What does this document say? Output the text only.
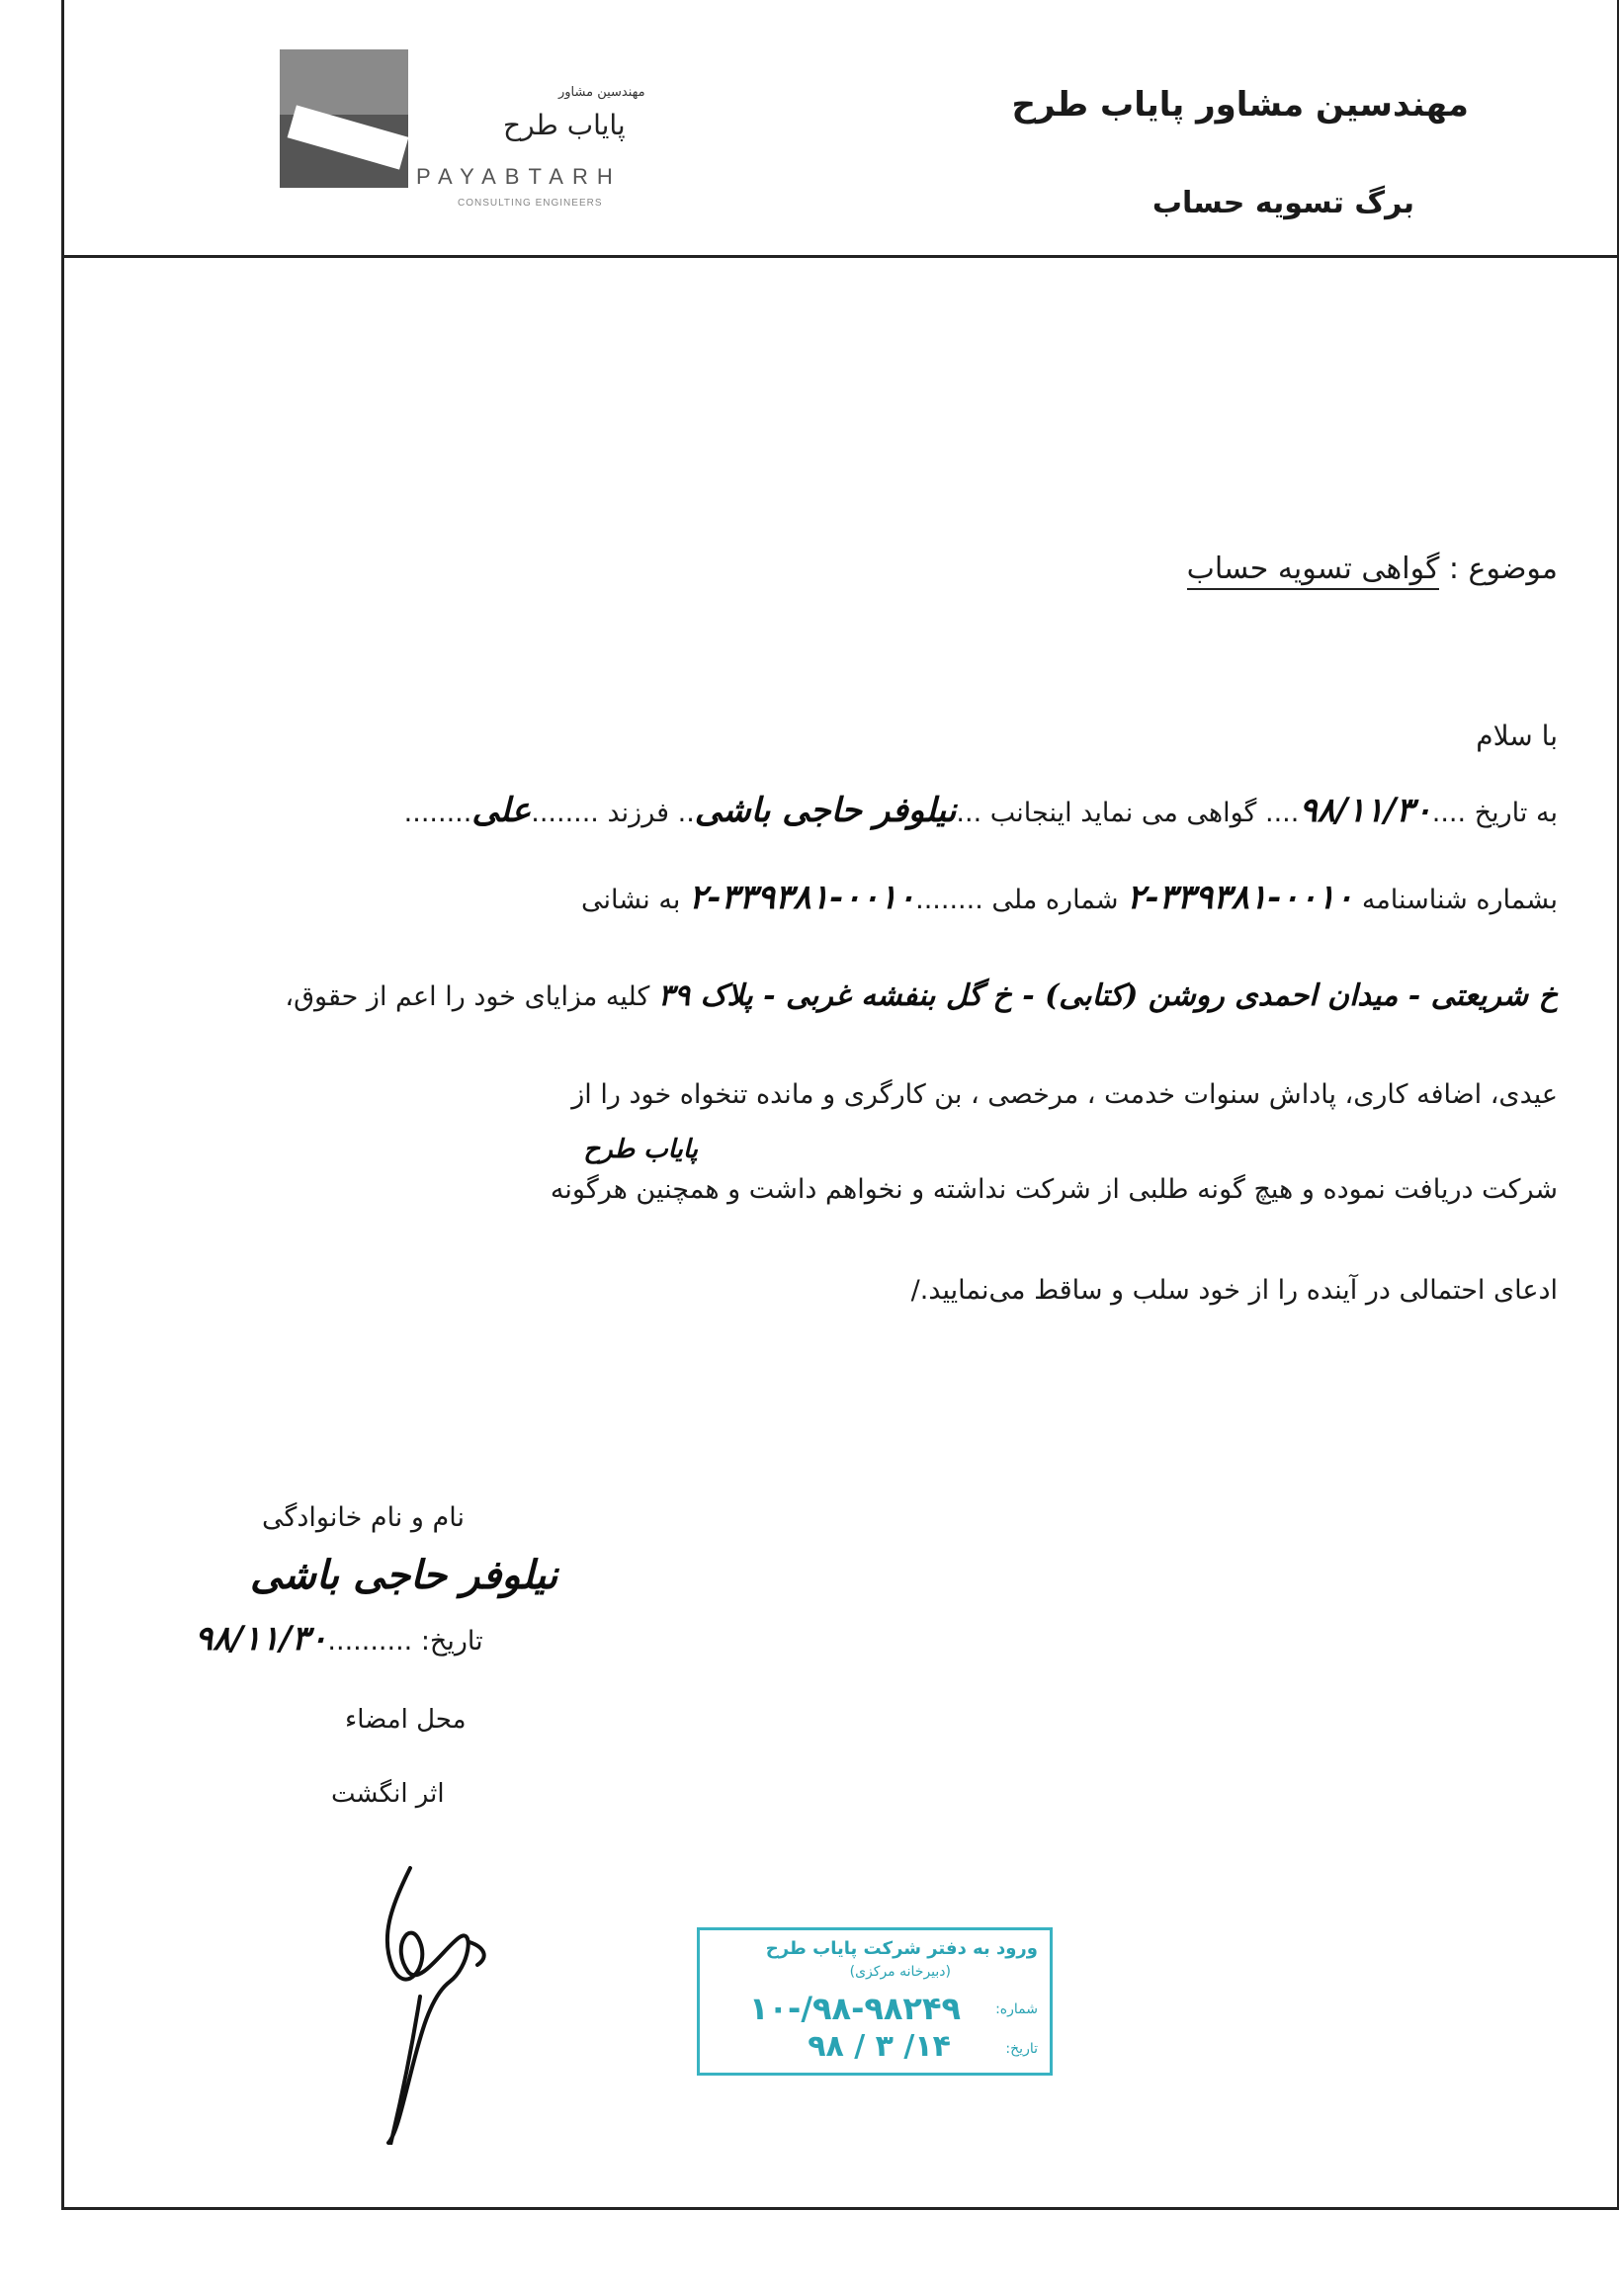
مهندسین مشاور
پایاب طرح
PAYABTARH
CONSULTING ENGINEERS
مهندسین مشاور پایاب طرح
برگ تسویه حساب
موضوع : گواهی تسویه حساب
با سلام
به تاریخ ....۹۸/۱۱/۳۰.... گواهی می نماید اینجانب ...نیلوفر حاجی باشی.. فرزند ........علی........
بشماره شناسنامه ۰۰۱۰-۳۳۹۳۸۱-۲ شماره ملی ........۰۰۱۰-۳۳۹۳۸۱-۲ به نشانی
خ شریعتی - میدان احمدی روشن (کتابی) - خ گل بنفشه غربی - پلاک ۳۹ کلیه مزایای خود را اعم از حقوق،
عیدی، اضافه کاری، پاداش سنوات خدمت ، مرخصی ، بن کارگری و مانده تنخواه خود را از
پایاب طرح
شرکت دریافت نموده و هیچ گونه طلبی از شرکت نداشته و نخواهم داشت و همچنین هرگونه
ادعای احتمالی در آینده را از خود سلب و ساقط می‌نمایید./
نام و نام خانوادگی
نیلوفر حاجی باشی
تاریخ: ..........۹۸/۱۱/۳۰
محل امضاء
اثر انگشت
ورود به دفتر شرکت پایاب طرح
(دبیرخانه مرکزی)
شماره:
۱۰-/۹۸-۹۸۲۴۹
تاریخ:
۹۸ / ۳ /۱۴
